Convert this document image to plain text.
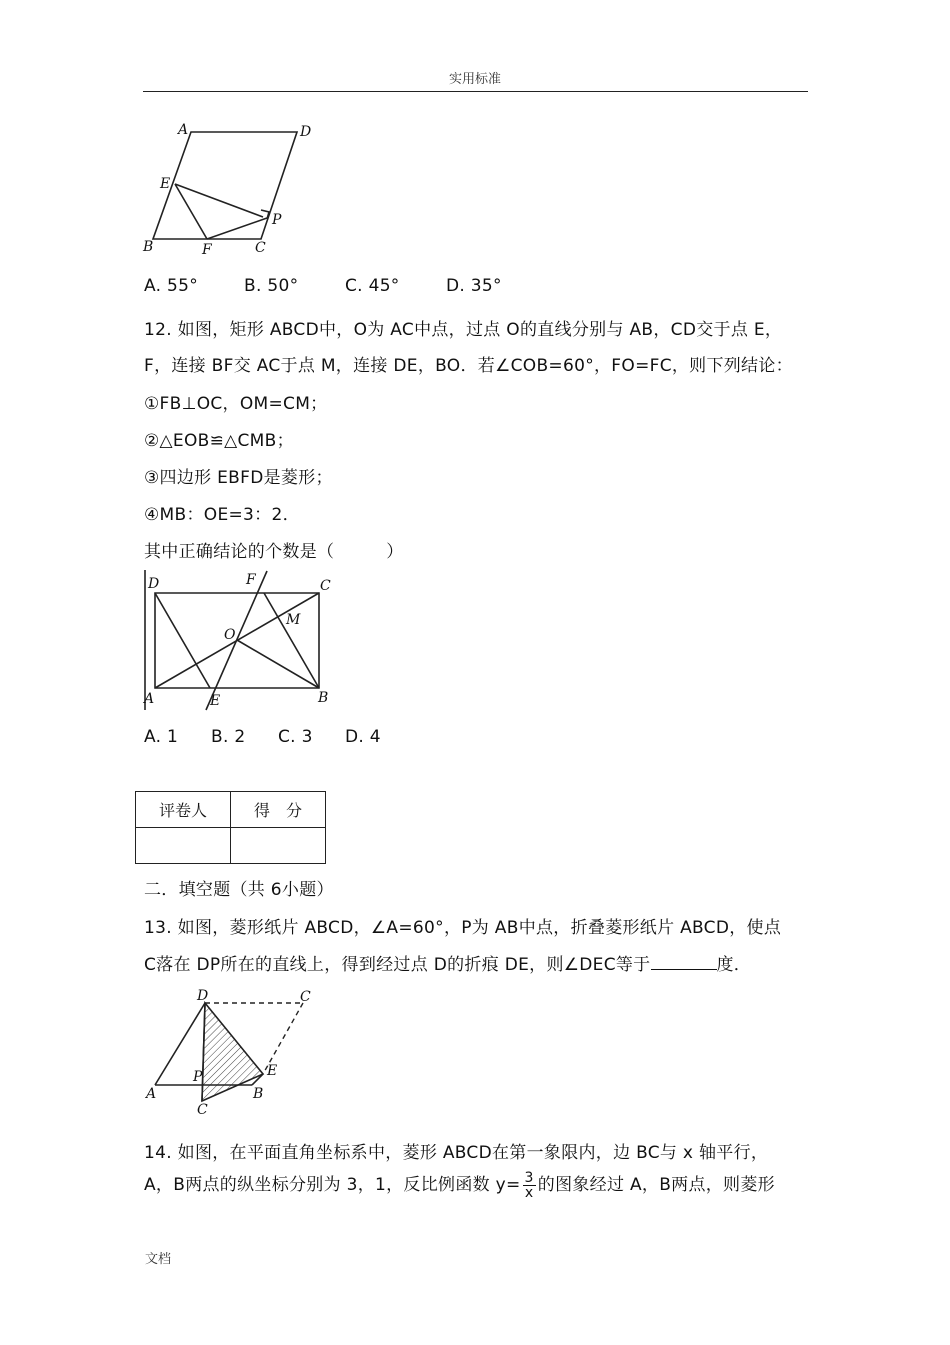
实用标准
A	D
E
P
B	F	C
A. 55°	B. 50°	C. 45°	D. 35°
12. 如图，矩形 ABCD中，O为 AC中点，过点 O的直线分别与 AB，CD交于点 E，
F，连接 BF交 AC于点 M，连接 DE，BO．若∠COB=60°，FO=FC，则下列结论：
①FB⊥OC，OM=CM；
②△EOB≌△CMB；
③四边形 EBFD是菱形；
④MB：OE=3：2．
其中正确结论的个数是（　　　）
D	F	C
O
M
A	E	B
A. 1 B. 2 C. 3 D. 4
评卷人	得　分

二．填空题（共 6小题）
13. 如图，菱形纸片 ABCD，∠A=60°，P为 AB中点，折叠菱形纸片 ABCD，使点
C落在 DP所在的直线上，得到经过点 D的折痕 DE，则∠DEC等于	度．
D	C
E
P
A	B
C
14. 如图，在平面直角坐标系中，菱形 ABCD在第一象限内，边 BC与 x 轴平行，
A，B两点的纵坐标分别为 3，1，反比例函数 $y= \frac{3}{x}$ 的图象经过 A，B两点，则菱形
文档
